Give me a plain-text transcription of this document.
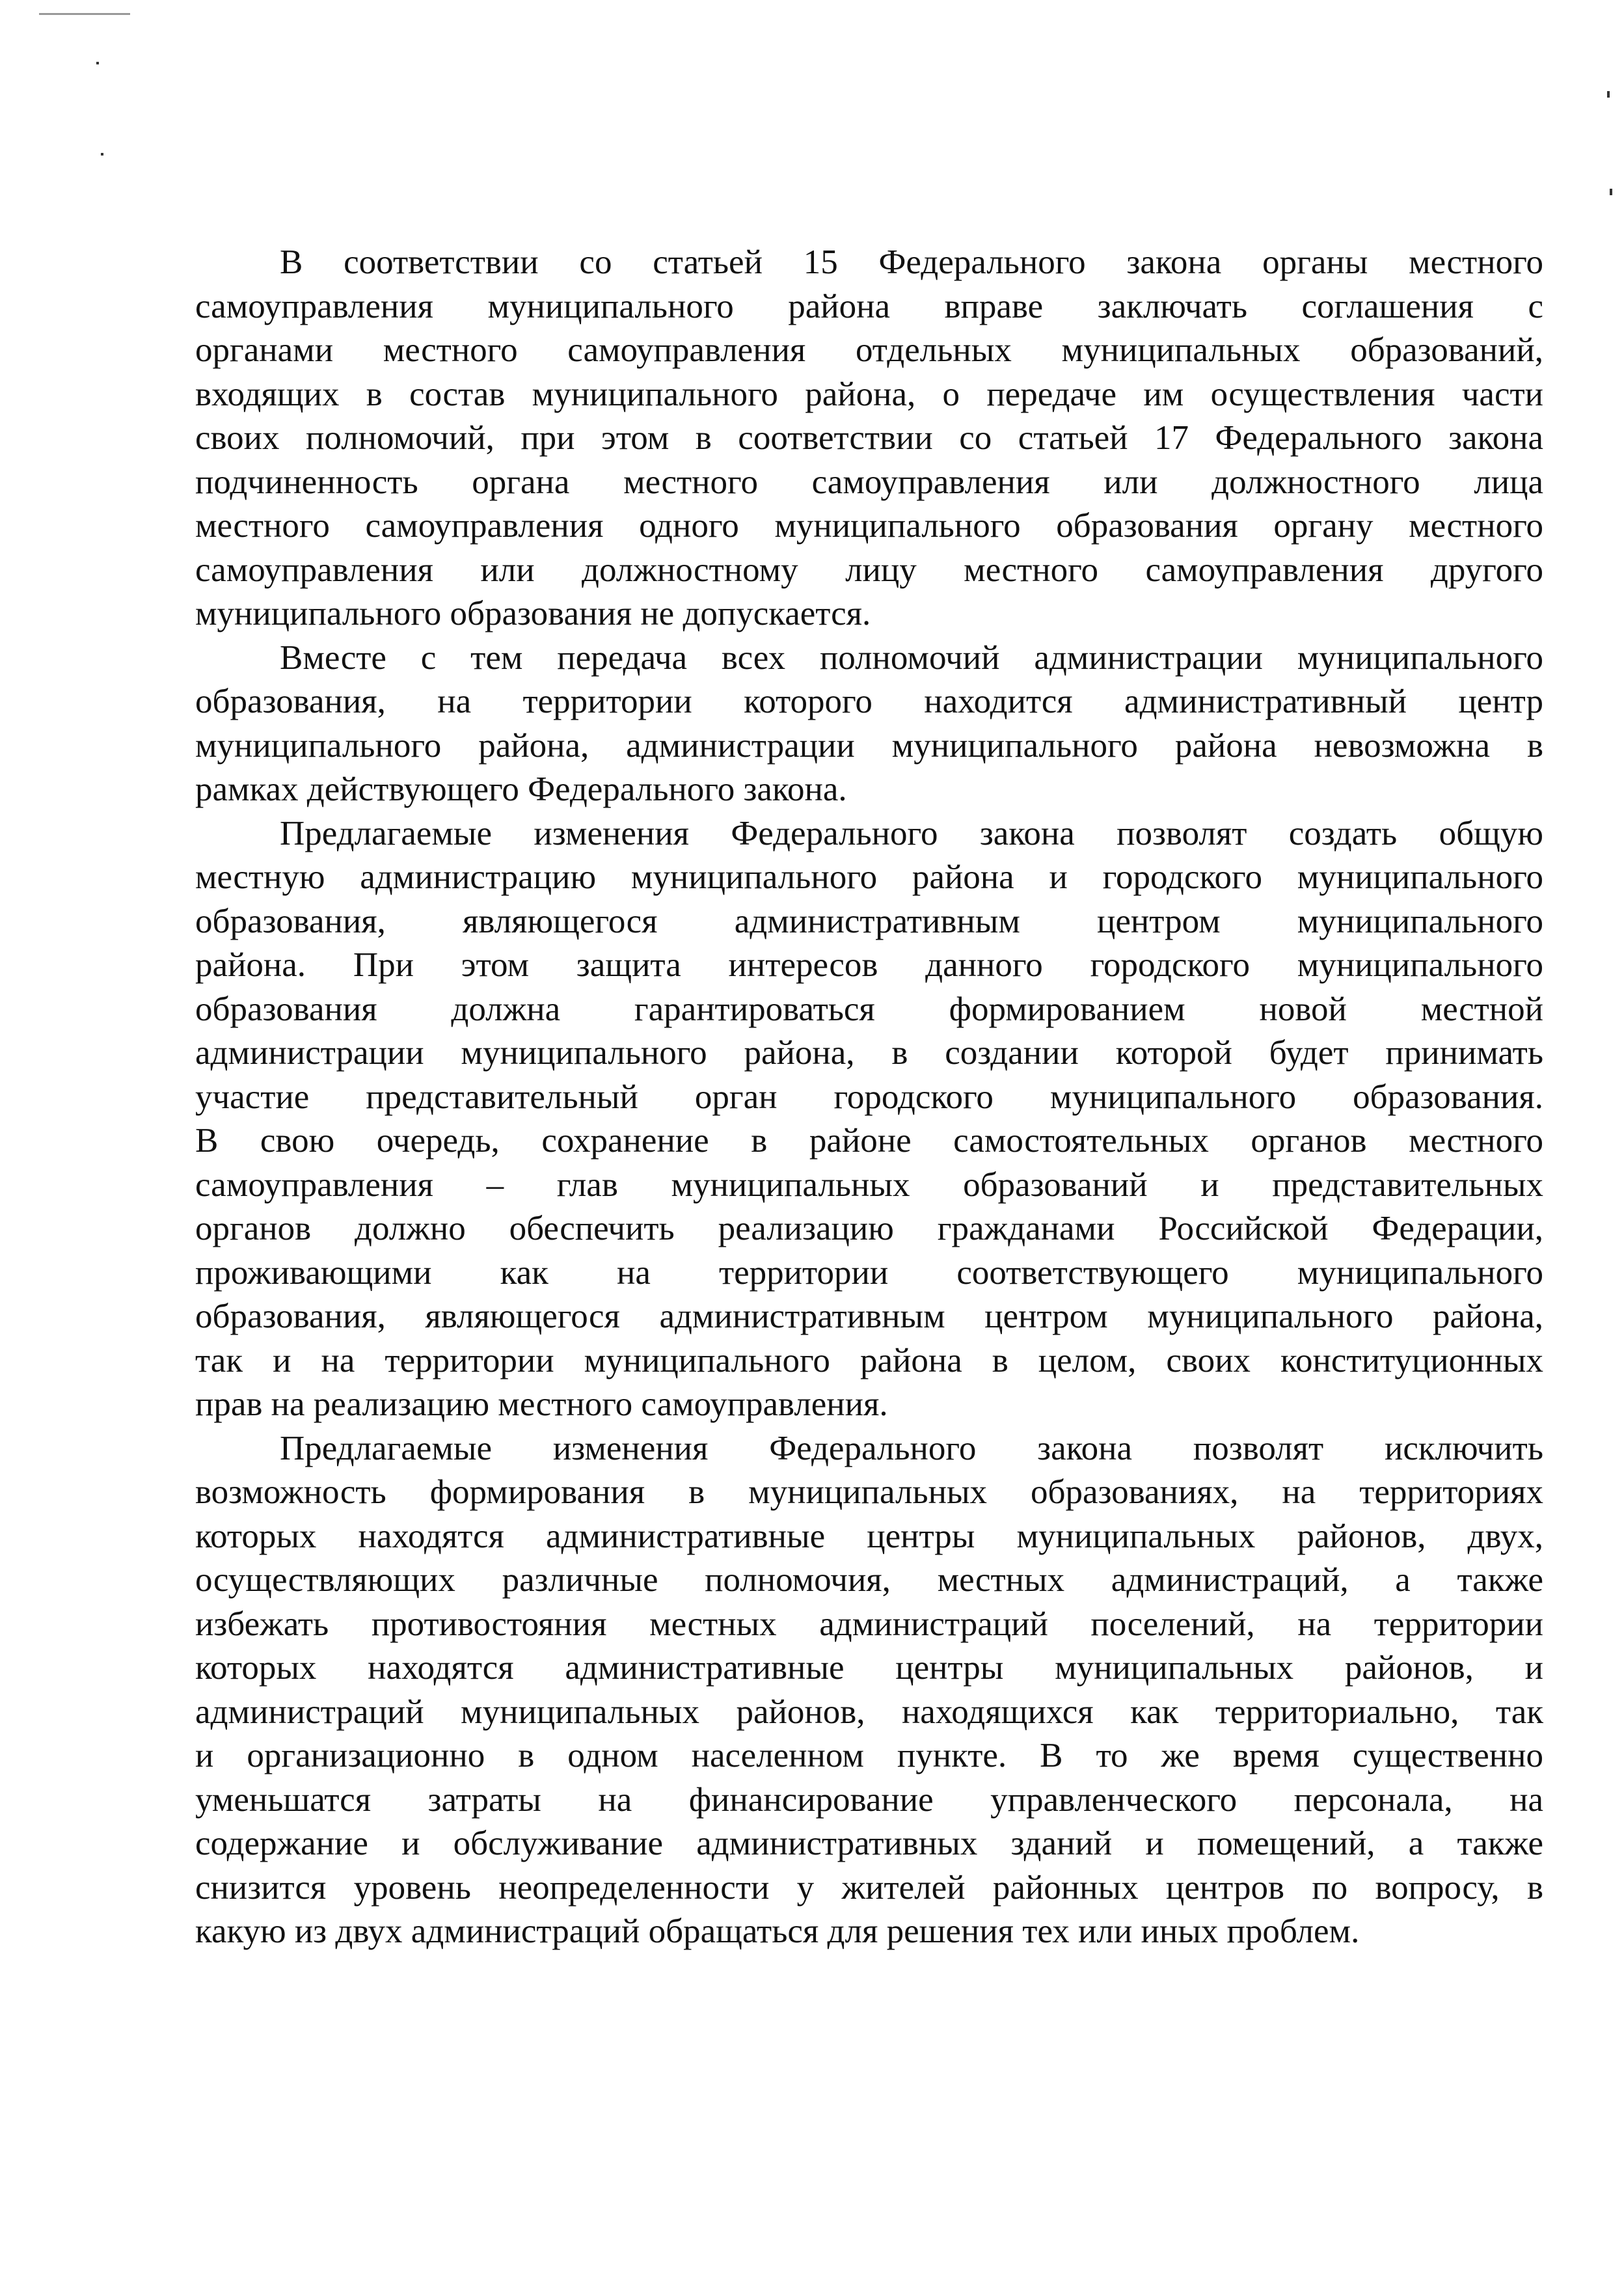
В соответствии со статьей 15 Федерального закона органы местного
самоуправления муниципального района вправе заключать соглашения с
органами местного самоуправления отдельных муниципальных образований,
входящих в состав муниципального района, о передаче им осуществления части
своих полномочий, при этом в соответствии со статьей 17 Федерального закона
подчиненность органа местного самоуправления или должностного лица
местного самоуправления одного муниципального образования органу местного
самоуправления или должностному лицу местного самоуправления другого
муниципального образования не допускается.
Вместе с тем передача всех полномочий администрации муниципального
образования, на территории которого находится административный центр
муниципального района, администрации муниципального района невозможна в
рамках действующего Федерального закона.
Предлагаемые изменения Федерального закона позволят создать общую
местную администрацию муниципального района и городского муниципального
образования, являющегося административным центром муниципального
района. При этом защита интересов данного городского муниципального
образования должна гарантироваться формированием новой местной
администрации муниципального района, в создании которой будет принимать
участие представительный орган городского муниципального образования.
В свою очередь, сохранение в районе самостоятельных органов местного
самоуправления – глав муниципальных образований и представительных
органов должно обеспечить реализацию гражданами Российской Федерации,
проживающими как на территории соответствующего муниципального
образования, являющегося административным центром муниципального района,
так и на территории муниципального района в целом, своих конституционных
прав на реализацию местного самоуправления.
Предлагаемые изменения Федерального закона позволят исключить
возможность формирования в муниципальных образованиях, на территориях
которых находятся административные центры муниципальных районов, двух,
осуществляющих различные полномочия, местных администраций, а также
избежать противостояния местных администраций поселений, на территории
которых находятся административные центры муниципальных районов, и
администраций муниципальных районов, находящихся как территориально, так
и организационно в одном населенном пункте. В то же время существенно
уменьшатся затраты на финансирование управленческого персонала, на
содержание и обслуживание административных зданий и помещений, а также
снизится уровень неопределенности у жителей районных центров по вопросу, в
какую из двух администраций обращаться для решения тех или иных проблем.
